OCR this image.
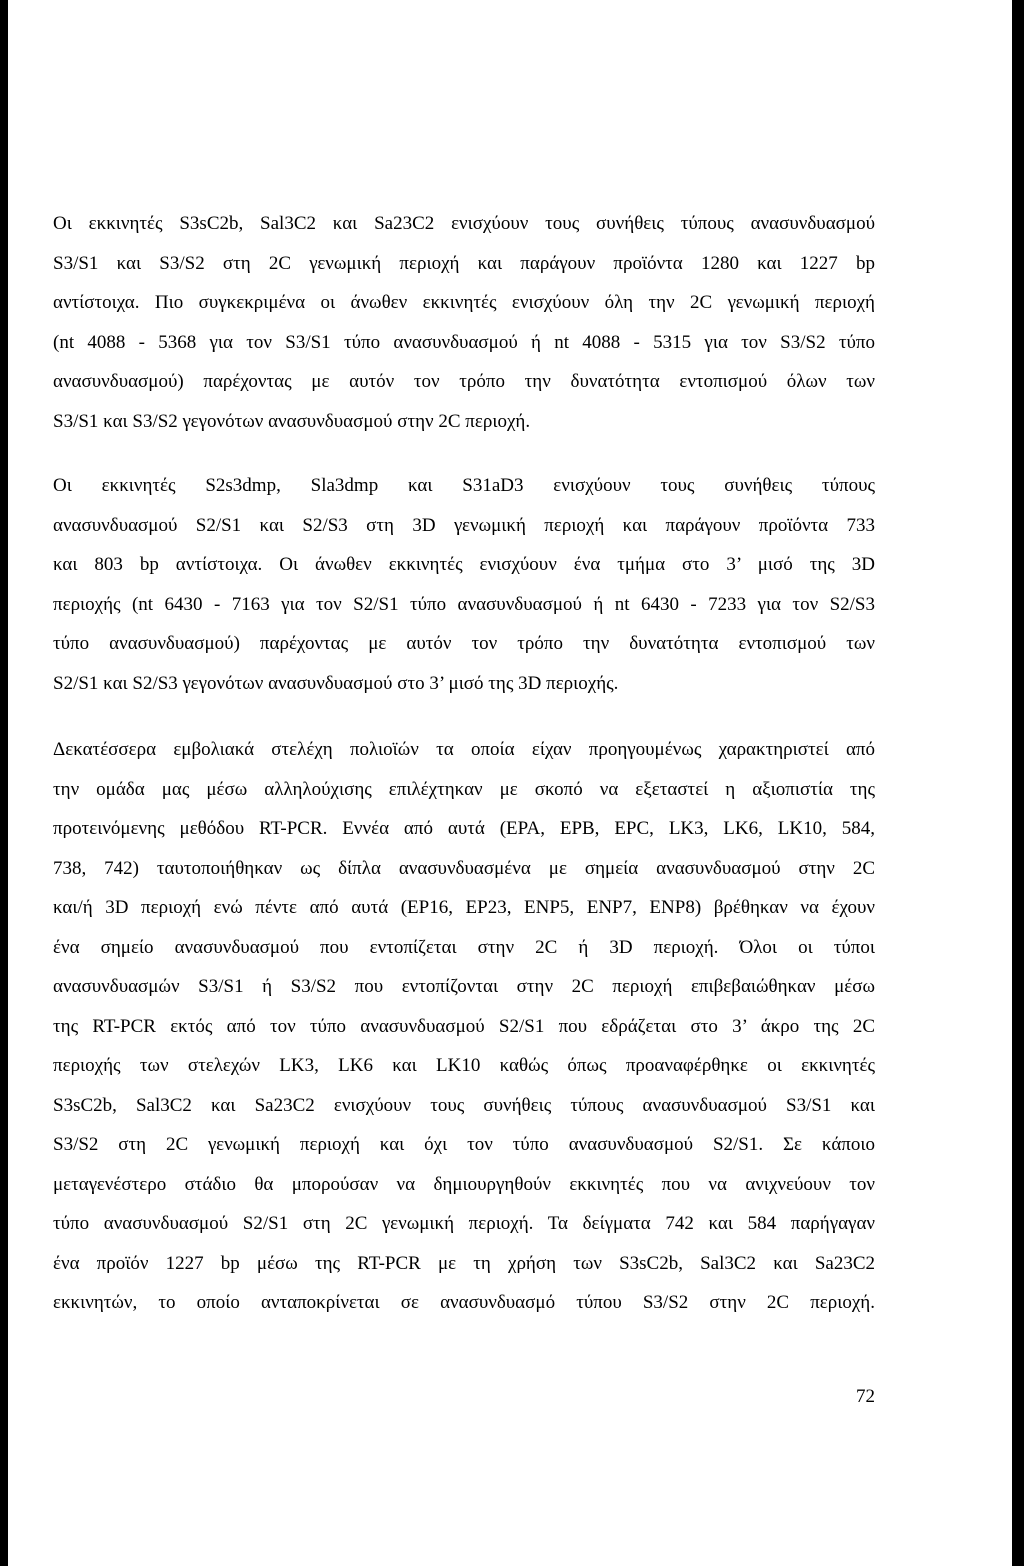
Οι εκκινητές S3sC2b, Sal3C2 και Sa23C2 ενισχύουν τους συνήθεις τύπους ανασυνδυασμού
S3/S1 και S3/S2 στη 2C γενωμική περιοχή και παράγουν προϊόντα 1280 και 1227 bp
αντίστοιχα. Πιο συγκεκριμένα οι άνωθεν εκκινητές ενισχύουν όλη την 2C γενωμική περιοχή
(nt 4088 - 5368 για τον S3/S1 τύπο ανασυνδυασμού ή nt 4088 - 5315 για τον S3/S2 τύπο
ανασυνδυασμού) παρέχοντας με αυτόν τον τρόπο την δυνατότητα εντοπισμού όλων των
S3/S1 και S3/S2 γεγονότων ανασυνδυασμού στην 2C περιοχή.
Οι εκκινητές S2s3dmp, Sla3dmp και S31aD3 ενισχύουν τους συνήθεις τύπους
ανασυνδυασμού S2/S1 και S2/S3 στη 3D γενωμική περιοχή και παράγουν προϊόντα 733
και 803 bp αντίστοιχα. Οι άνωθεν εκκινητές ενισχύουν ένα τμήμα στο 3’ μισό της 3D
περιοχής (nt 6430 - 7163 για τον S2/S1 τύπο ανασυνδυασμού ή nt 6430 - 7233 για τον S2/S3
τύπο ανασυνδυασμού) παρέχοντας με αυτόν τον τρόπο την δυνατότητα εντοπισμού των
S2/S1 και S2/S3 γεγονότων ανασυνδυασμού στο 3’ μισό της 3D περιοχής.
Δεκατέσσερα εμβολιακά στελέχη πολιοϊών τα οποία είχαν προηγουμένως χαρακτηριστεί από
την ομάδα μας μέσω αλληλούχισης επιλέχτηκαν με σκοπό να εξεταστεί η αξιοπιστία της
προτεινόμενης μεθόδου RT-PCR. Εννέα από αυτά (EPA, EPB, EPC, LK3, LK6, LK10, 584,
738, 742) ταυτοποιήθηκαν ως δίπλα ανασυνδυασμένα με σημεία ανασυνδυασμού στην 2C
και/ή 3D περιοχή ενώ πέντε από αυτά (EP16, EP23, ENP5, ENP7, ENP8) βρέθηκαν να έχουν
ένα σημείο ανασυνδυασμού που εντοπίζεται στην 2C ή 3D περιοχή. Όλοι οι τύποι
ανασυνδυασμών S3/S1 ή S3/S2 που εντοπίζονται στην 2C περιοχή επιβεβαιώθηκαν μέσω
της RT-PCR εκτός από τον τύπο ανασυνδυασμού S2/S1 που εδράζεται στο 3’ άκρο της 2C
περιοχής των στελεχών LK3, LK6 και LK10 καθώς όπως προαναφέρθηκε οι εκκινητές
S3sC2b, Sal3C2 και Sa23C2 ενισχύουν τους συνήθεις τύπους ανασυνδυασμού S3/S1 και
S3/S2 στη 2C γενωμική περιοχή και όχι τον τύπο ανασυνδυασμού S2/S1. Σε κάποιο
μεταγενέστερο στάδιο θα μπορούσαν να δημιουργηθούν εκκινητές που να ανιχνεύουν τον
τύπο ανασυνδυασμού S2/S1 στη 2C γενωμική περιοχή. Τα δείγματα 742 και 584 παρήγαγαν
ένα προϊόν 1227 bp μέσω της RT-PCR με τη χρήση των S3sC2b, Sal3C2 και Sa23C2
εκκινητών, το οποίο ανταποκρίνεται σε ανασυνδυασμό τύπου S3/S2 στην 2C περιοχή.
72
